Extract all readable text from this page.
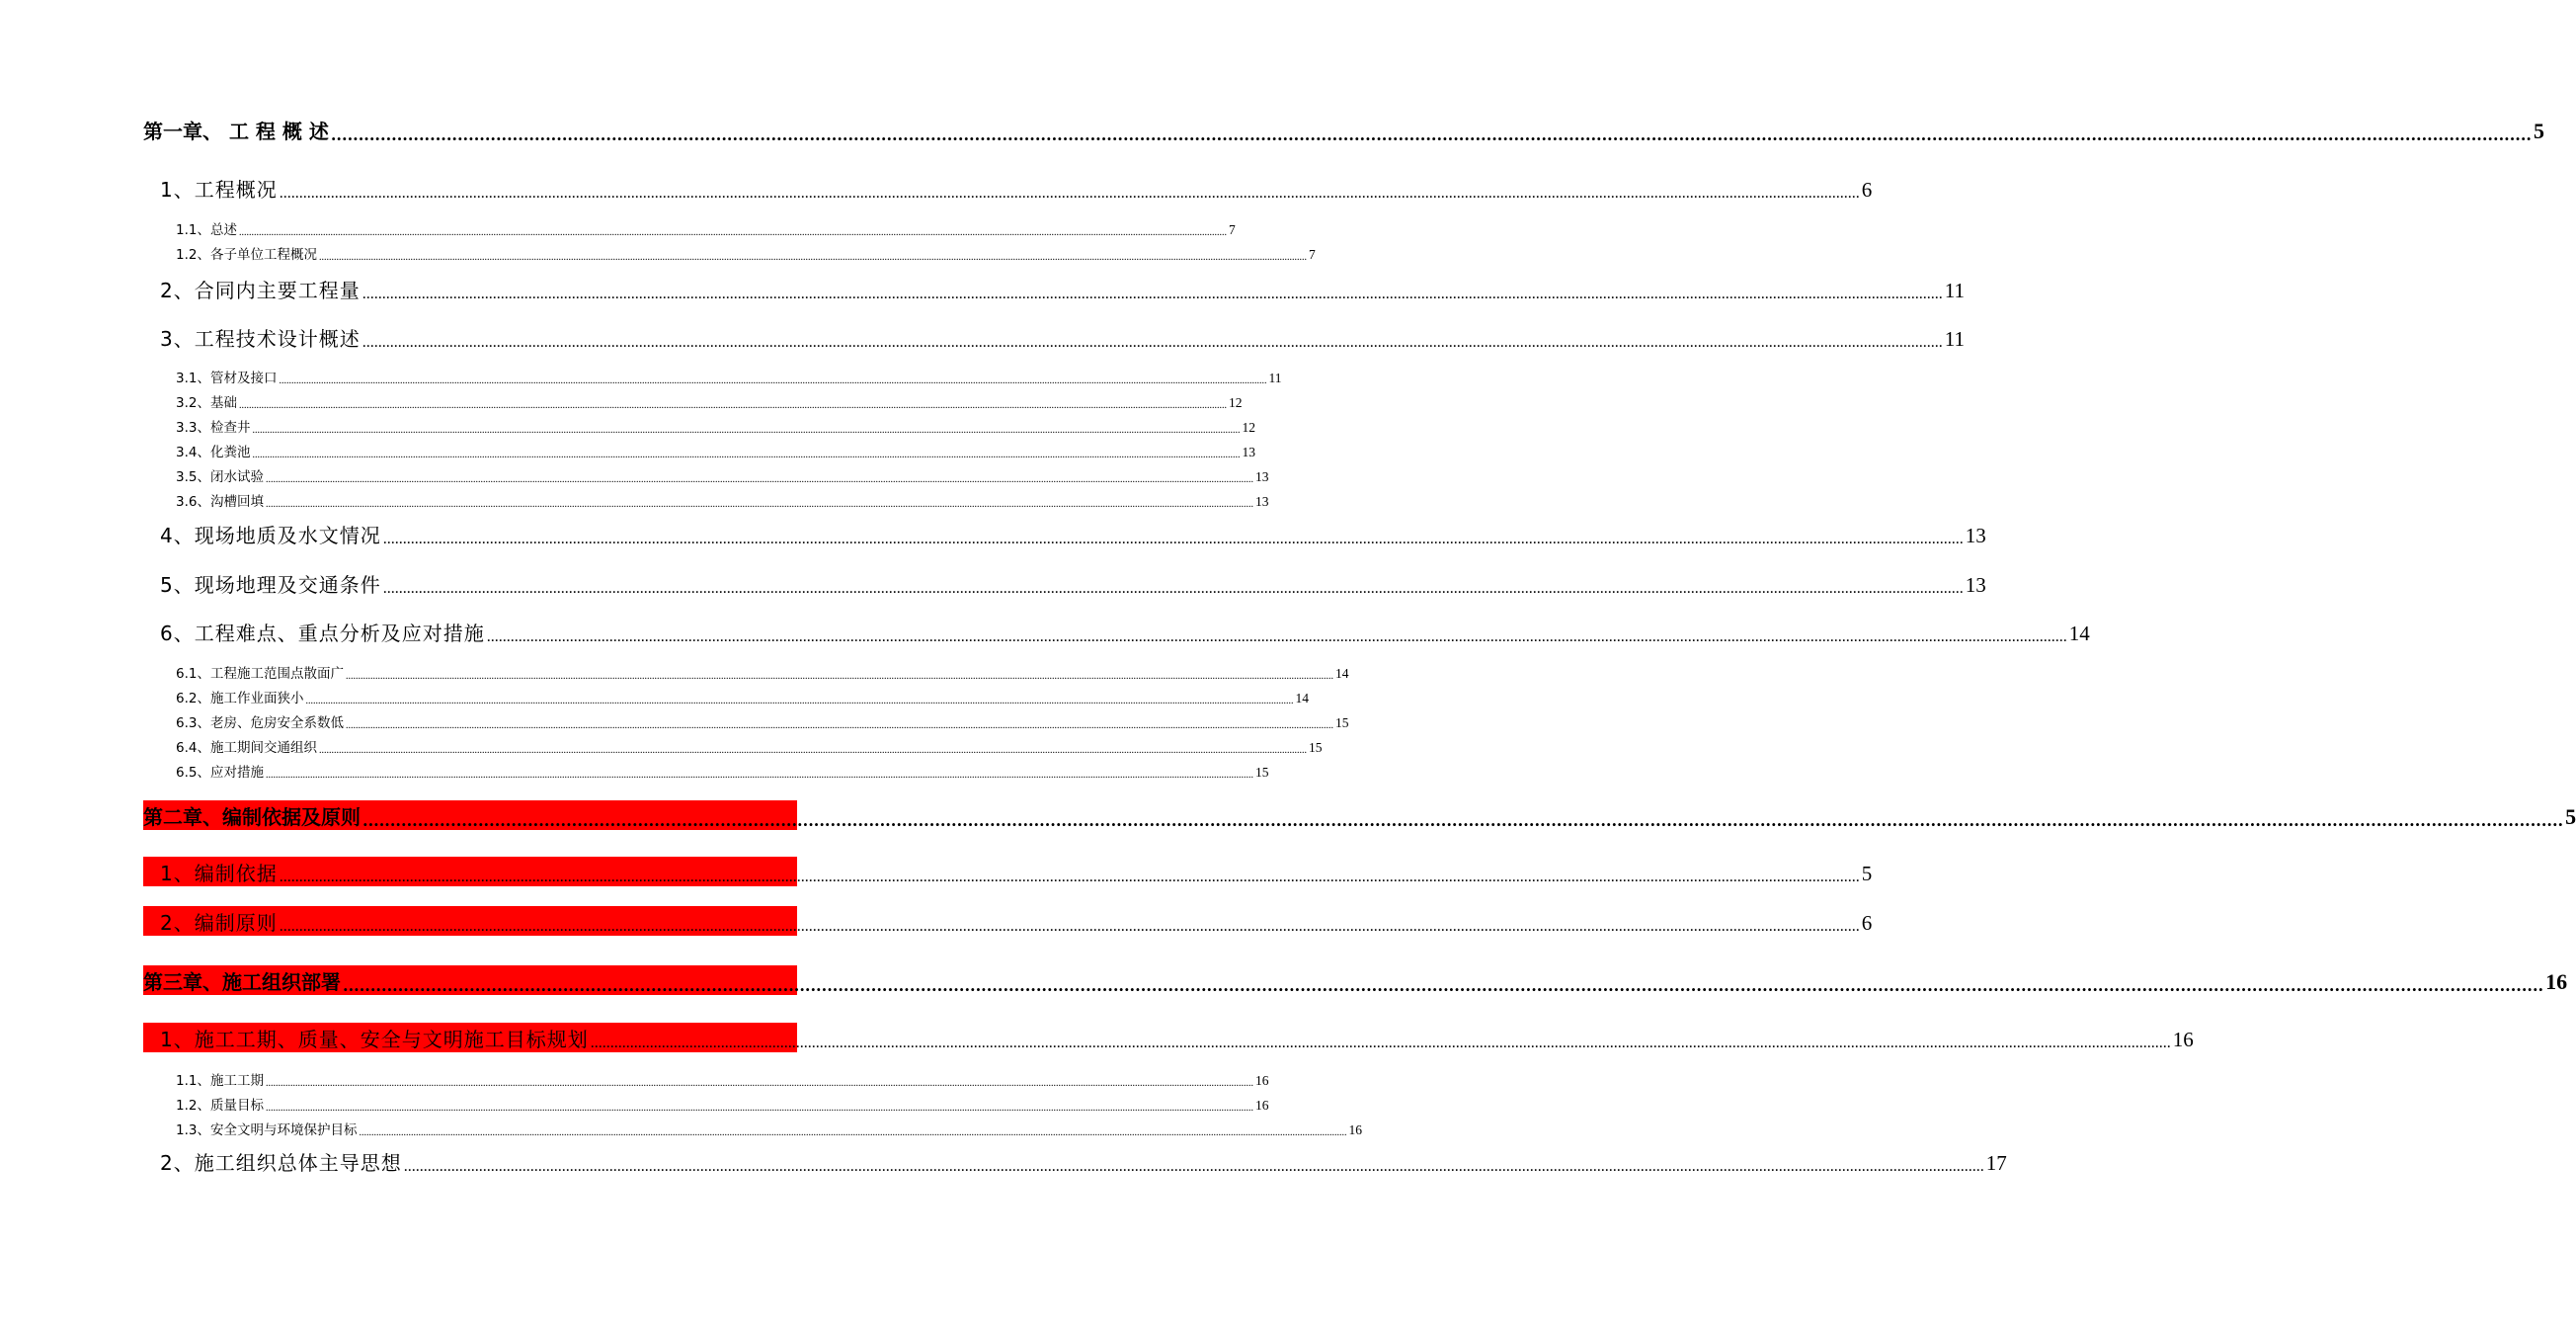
第一章、 工 程 概 述 ................................................................................................................................................................................................................................................................................................................................................................................................................ 5
1、工程概况 ................................................................................................................................................................................................................................................................................................................................................................................................................ 6
1.1、总述 ................................................................................................................................................................................................................................................................................................................................................................................................................ 7
1.2、各子单位工程概况 ................................................................................................................................................................................................................................................................................................................................................................................................................ 7
2、合同内主要工程量 ................................................................................................................................................................................................................................................................................................................................................................................................................ 11
3、工程技术设计概述 ................................................................................................................................................................................................................................................................................................................................................................................................................ 11
3.1、管材及接口 ................................................................................................................................................................................................................................................................................................................................................................................................................ 11
3.2、基础 ................................................................................................................................................................................................................................................................................................................................................................................................................ 12
3.3、检查井 ................................................................................................................................................................................................................................................................................................................................................................................................................ 12
3.4、化粪池 ................................................................................................................................................................................................................................................................................................................................................................................................................ 13
3.5、闭水试验 ................................................................................................................................................................................................................................................................................................................................................................................................................ 13
3.6、沟槽回填 ................................................................................................................................................................................................................................................................................................................................................................................................................ 13
4、现场地质及水文情况 ................................................................................................................................................................................................................................................................................................................................................................................................................ 13
5、现场地理及交通条件 ................................................................................................................................................................................................................................................................................................................................................................................................................ 13
6、工程难点、重点分析及应对措施 ................................................................................................................................................................................................................................................................................................................................................................................................................ 14
6.1、工程施工范围点散面广 ................................................................................................................................................................................................................................................................................................................................................................................................................ 14
6.2、施工作业面狭小 ................................................................................................................................................................................................................................................................................................................................................................................................................ 14
6.3、老房、危房安全系数低 ................................................................................................................................................................................................................................................................................................................................................................................................................ 15
6.4、施工期间交通组织 ................................................................................................................................................................................................................................................................................................................................................................................................................ 15
6.5、应对措施 ................................................................................................................................................................................................................................................................................................................................................................................................................ 15
第二章、编制依据及原则 ................................................................................................................................................................................................................................................................................................................................................................................................................ 5
1、编制依据 ................................................................................................................................................................................................................................................................................................................................................................................................................ 5
2、编制原则 ................................................................................................................................................................................................................................................................................................................................................................................................................ 6
第三章、施工组织部署 ................................................................................................................................................................................................................................................................................................................................................................................................................ 16
1、施工工期、质量、安全与文明施工目标规划 ................................................................................................................................................................................................................................................................................................................................................................................................................ 16
1.1、施工工期 ................................................................................................................................................................................................................................................................................................................................................................................................................ 16
1.2、质量目标 ................................................................................................................................................................................................................................................................................................................................................................................................................ 16
1.3、安全文明与环境保护目标 ................................................................................................................................................................................................................................................................................................................................................................................................................ 16
2、施工组织总体主导思想 ................................................................................................................................................................................................................................................................................................................................................................................................................ 17
